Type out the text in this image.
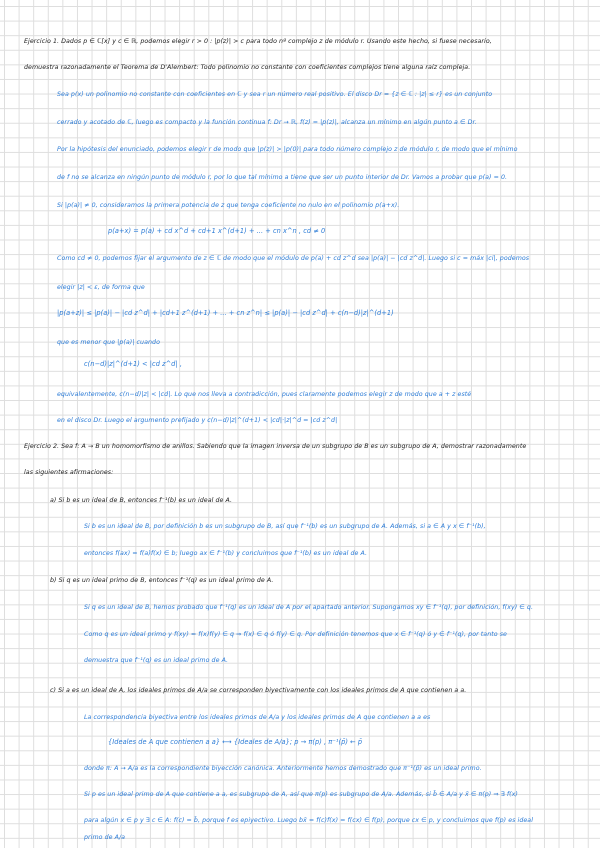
Ejercicio 1. Dados p ∈ ℂ[x] y c ∈ ℝ, podemos elegir r > 0 : |p(z)| > c para todo nº complejo z de módulo r. Usando este hecho, si fuese necesario,
demuestra razonadamente el Teorema de D'Alembert: Todo polinomio no constante con coeficientes complejos tiene alguna raíz compleja.
Sea p(x) un polinomio no constante con coeficientes en ℂ y sea r un número real positivo. El disco Dr = {z ∈ ℂ : |z| ≤ r} es un conjunto
cerrado y acotado de ℂ, luego es compacto y la función continua f: Dr → ℝ, f(z) = |p(z)|, alcanza un mínimo en algún punto a ∈ Dr.
Por la hipótesis del enunciado, podemos elegir r de modo que |p(z)| > |p(0)| para todo número complejo z de módulo r, de modo que el mínimo
de f no se alcanza en ningún punto de módulo r, por lo que tal mínimo a tiene que ser un punto interior de Dr. Vamos a probar que p(a) = 0.
Si |p(a)| ≠ 0, consideramos la primera potencia de z que tenga coeficiente no nulo en el polinomio p(a+x).
p(a+x) = p(a) + cd x^d + cd+1 x^(d+1) + ... + cn x^n , cd ≠ 0
Como cd ≠ 0, podemos fijar el argumento de z ∈ ℂ de modo que el módulo de p(a) + cd z^d sea |p(a)| − |cd z^d|. Luego si c = máx |ci|, podemos
elegir |z| < ε, de forma que
|p(a+z)| ≤ |p(a)| − |cd z^d| + |cd+1 z^(d+1) + ... + cn z^n| ≤ |p(a)| − |cd z^d| + c(n−d)|z|^(d+1)
que es menor que |p(a)| cuando
c(n−d)|z|^(d+1) < |cd z^d| ,
equivalentemente, c(n−d)|z| < |cd|. Lo que nos lleva a contradicción, pues claramente podemos elegir z de modo que a + z esté
en el disco Dr. Luego el argumento prefijado y c(n−d)|z|^(d+1) < |cd|·|z|^d = |cd z^d|
Ejercicio 2. Sea f: A → B un homomorfismo de anillos. Sabiendo que la imagen inversa de un subgrupo de B es un subgrupo de A, demostrar razonadamente
las siguientes afirmaciones:
a) Si b es un ideal de B, entonces f⁻¹(b) es un ideal de A.
Si b es un ideal de B, por definición b es un subgrupo de B, así que f⁻¹(b) es un subgrupo de A. Además, si a ∈ A y x ∈ f⁻¹(b),
entonces f(ax) = f(a)f(x) ∈ b; luego ax ∈ f⁻¹(b) y concluimos que f⁻¹(b) es un ideal de A.
b) Si q es un ideal primo de B, entonces f⁻¹(q) es un ideal primo de A.
Si q es un ideal de B, hemos probado que f⁻¹(q) es un ideal de A por el apartado anterior. Supongamos xy ∈ f⁻¹(q), por definición, f(xy) ∈ q.
Como q es un ideal primo y f(xy) = f(x)f(y) ∈ q ⇒ f(x) ∈ q ó f(y) ∈ q. Por definición tenemos que x ∈ f⁻¹(q) ó y ∈ f⁻¹(q), por tanto se
demuestra que f⁻¹(q) es un ideal primo de A.
c) Si a es un ideal de A, los ideales primos de A/a se corresponden biyectivamente con los ideales primos de A que contienen a a.
La correspondencia biyectiva entre los ideales primos de A/a y los ideales primos de A que contienen a a es
{Ideales de A que contienen a a} ⟷ {Ideales de A/a}; p → π(p) , π⁻¹(p̄) ← p̄
donde π: A → A/a es la correspondiente biyección canónica. Anteriormente hemos demostrado que π⁻¹(p̄) es un ideal primo.
Si p es un ideal primo de A que contiene a a, es subgrupo de A, así que π(p) es subgrupo de A/a. Además, si b̄ ∈ A/a y x̄ ∈ π(p) ⇒ ∃ f(x)
para algún x ∈ p y ∃ c ∈ A: f(c) = b̄, porque f es epiyectivo. Luego bx̄ = f(c)f(x) = f(cx) ∈ f(p), porque cx ∈ p, y concluimos que f(p) es ideal
primo de A/a
